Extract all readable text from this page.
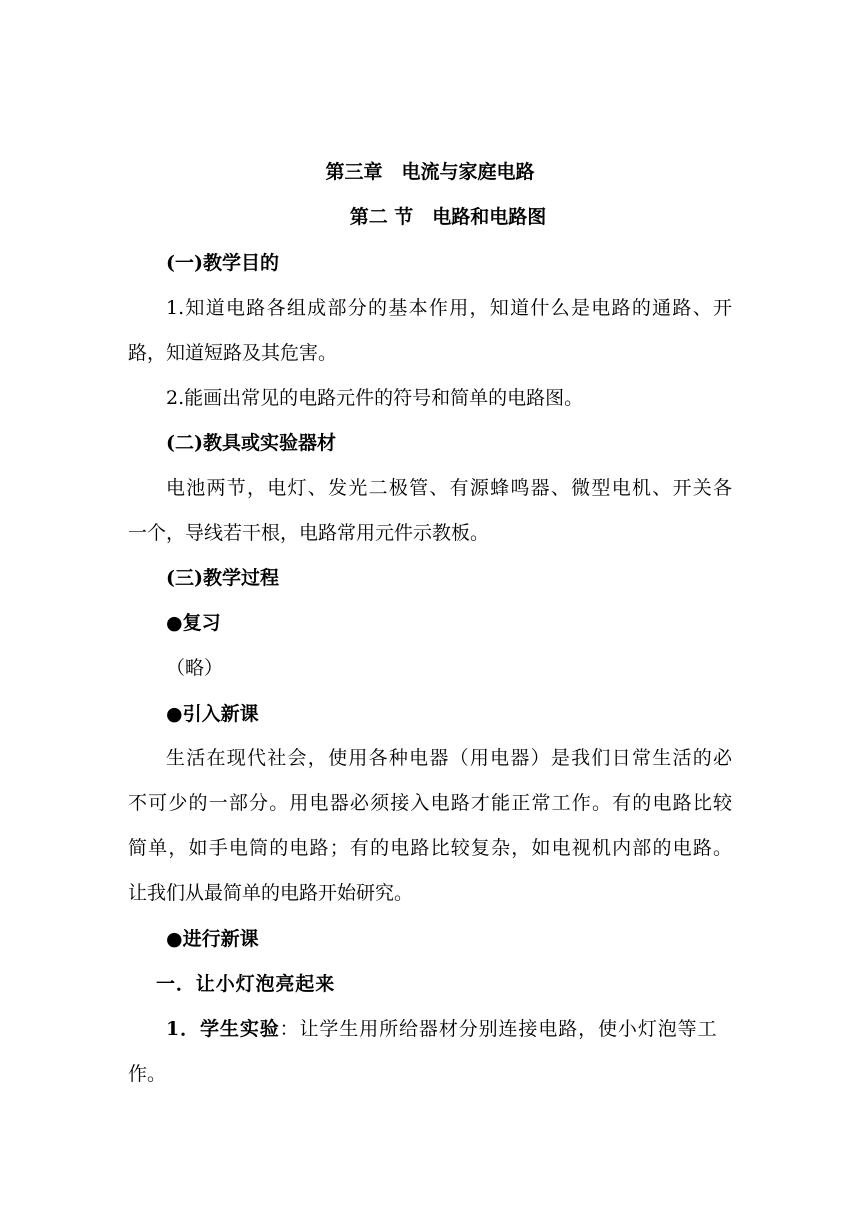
第三章　电流与家庭电路
第二 节　电路和电路图
(一)教学目的
1.知道电路各组成部分的基本作用，知道什么是电路的通路、开
路，知道短路及其危害。
2.能画出常见的电路元件的符号和简单的电路图。
(二)教具或实验器材
电池两节，电灯、发光二极管、有源蜂鸣器、微型电机、开关各
一个，导线若干根，电路常用元件示教板。
(三)教学过程
●复习
（略）
●引入新课
生活在现代社会，使用各种电器（用电器）是我们日常生活的必
不可少的一部分。用电器必须接入电路才能正常工作。有的电路比较
简单，如手电筒的电路；有的电路比较复杂，如电视机内部的电路。
让我们从最简单的电路开始研究。
●进行新课
一．让小灯泡亮起来
1．学生实验：让学生用所给器材分别连接电路，使小灯泡等工
作。
